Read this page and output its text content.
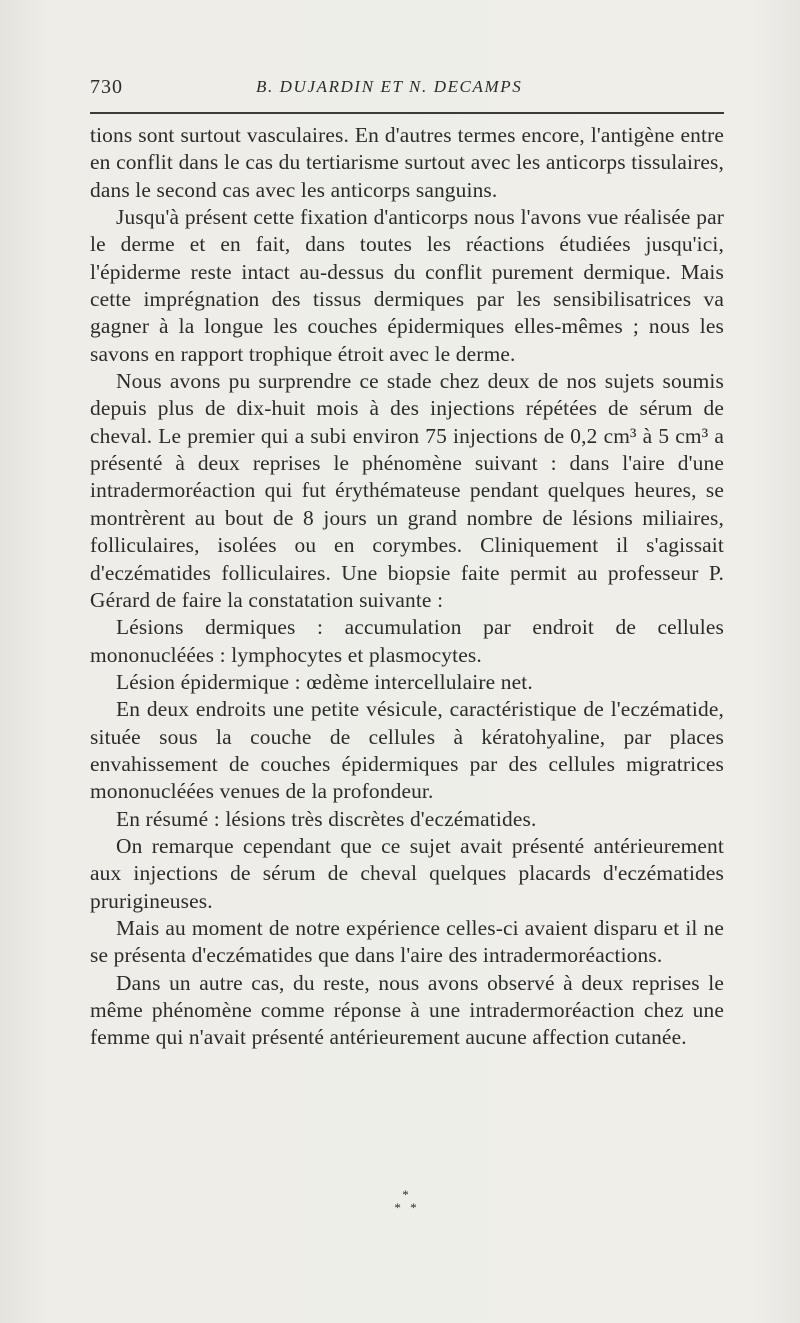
730	B. DUJARDIN ET N. DECAMPS

tions sont surtout vasculaires. En d'autres termes encore, l'antigène entre en conflit dans le cas du tertiarisme surtout avec les anticorps tissulaires, dans le second cas avec les anticorps sanguins.

Jusqu'à présent cette fixation d'anticorps nous l'avons vue réalisée par le derme et en fait, dans toutes les réactions étudiées jusqu'ici, l'épiderme reste intact au-dessus du conflit purement dermique. Mais cette imprégnation des tissus dermiques par les sensibilisatrices va gagner à la longue les couches épidermiques elles-mêmes ; nous les savons en rapport trophique étroit avec le derme.

Nous avons pu surprendre ce stade chez deux de nos sujets soumis depuis plus de dix-huit mois à des injections répétées de sérum de cheval. Le premier qui a subi environ 75 injections de 0,2 cm³ à 5 cm³ a présenté à deux reprises le phénomène suivant : dans l'aire d'une intradermoréaction qui fut érythémateuse pendant quelques heures, se montrèrent au bout de 8 jours un grand nombre de lésions miliaires, folliculaires, isolées ou en corymbes. Cliniquement il s'agissait d'eczématides folliculaires. Une biopsie faite permit au professeur P. Gérard de faire la constatation suivante :

Lésions dermiques : accumulation par endroit de cellules mononucléées : lymphocytes et plasmocytes.

Lésion épidermique : œdème intercellulaire net.

En deux endroits une petite vésicule, caractéristique de l'eczématide, située sous la couche de cellules à kératohyaline, par places envahissement de couches épidermiques par des cellules migratrices mononucléées venues de la profondeur.

En résumé : lésions très discrètes d'eczématides.

On remarque cependant que ce sujet avait présenté antérieurement aux injections de sérum de cheval quelques placards d'eczématides prurigineuses.

Mais au moment de notre expérience celles-ci avaient disparu et il ne se présenta d'eczématides que dans l'aire des intradermoréactions.

Dans un autre cas, du reste, nous avons observé à deux reprises le même phénomène comme réponse à une intradermoréaction chez une femme qui n'avait présenté antérieurement aucune affection cutanée.

*
* *
